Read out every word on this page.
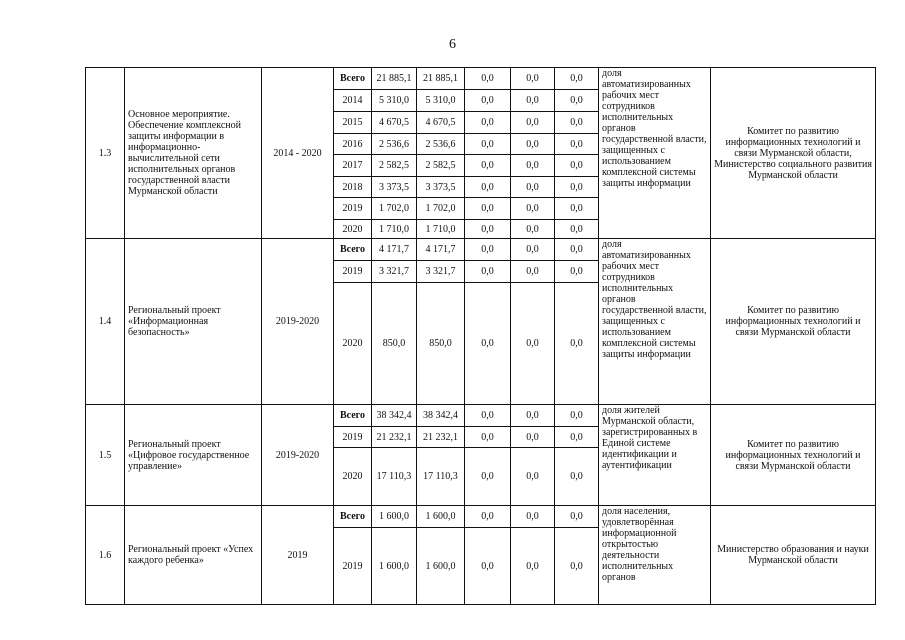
6
1.3	Основное мероприятие. Обеспечение комплексной защиты информации в информационно-вычислительной сети исполнительных органов государственной власти Мурманской области	2014 - 2020	Всего	21 885,1	21 885,1	0,0	0,0	0,0	доля автоматизированных рабочих мест сотрудников исполнительных органов государственной власти, защищенных с использованием комплексной системы защиты информации	Комитет по развитию информационных технологий и связи Мурманской области, Министерство социального развития Мурманской области
			2014	5 310,0	5 310,0	0,0	0,0	0,0		
			2015	4 670,5	4 670,5	0,0	0,0	0,0		
			2016	2 536,6	2 536,6	0,0	0,0	0,0		
			2017	2 582,5	2 582,5	0,0	0,0	0,0		
			2018	3 373,5	3 373,5	0,0	0,0	0,0		
			2019	1 702,0	1 702,0	0,0	0,0	0,0		
			2020	1 710,0	1 710,0	0,0	0,0	0,0		
1.4	Региональный проект «Информационная безопасность»	2019-2020	Всего	4 171,7	4 171,7	0,0	0,0	0,0	доля автоматизированных рабочих мест сотрудников исполнительных органов государственной власти, защищенных с использованием комплексной системы защиты информации	Комитет по развитию информационных технологий и связи Мурманской области
			2019	3 321,7	3 321,7	0,0	0,0	0,0		
			2020	850,0	850,0	0,0	0,0	0,0		
1.5	Региональный проект «Цифровое государственное управление»	2019-2020	Всего	38 342,4	38 342,4	0,0	0,0	0,0	доля жителей Мурманской области, зарегистрированных в Единой системе идентификации и аутентификации	Комитет по развитию информационных технологий и связи Мурманской области
			2019	21 232,1	21 232,1	0,0	0,0	0,0		
			2020	17 110,3	17 110,3	0,0	0,0	0,0		
1.6	Региональный проект «Успех каждого ребенка»	2019	Всего	1 600,0	1 600,0	0,0	0,0	0,0	доля населения, удовлетворённая информационной открытостью деятельности исполнительных органов	Министерство образования и науки Мурманской области
			2019	1 600,0	1 600,0	0,0	0,0	0,0		
